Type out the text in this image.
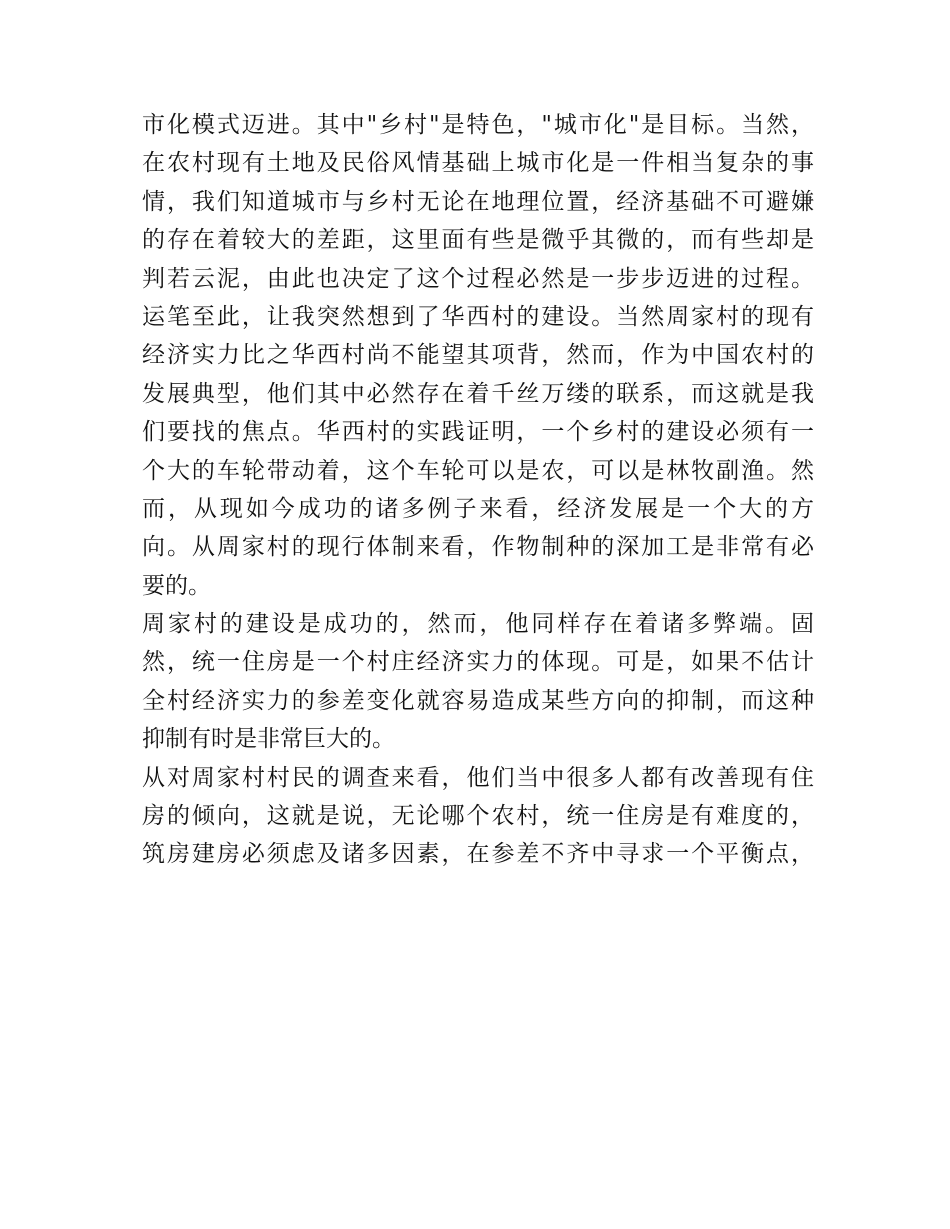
市化模式迈进。其中"乡村"是特色，"城市化"是目标。当然，
在农村现有土地及民俗风情基础上城市化是一件相当复杂的事
情，我们知道城市与乡村无论在地理位置，经济基础不可避嫌
的存在着较大的差距，这里面有些是微乎其微的，而有些却是
判若云泥，由此也决定了这个过程必然是一步步迈进的过程。
运笔至此，让我突然想到了华西村的建设。当然周家村的现有
经济实力比之华西村尚不能望其项背，然而，作为中国农村的
发展典型，他们其中必然存在着千丝万缕的联系，而这就是我
们要找的焦点。华西村的实践证明，一个乡村的建设必须有一
个大的车轮带动着，这个车轮可以是农，可以是林牧副渔。然
而，从现如今成功的诸多例子来看，经济发展是一个大的方
向。从周家村的现行体制来看，作物制种的深加工是非常有必
要的。
周家村的建设是成功的，然而，他同样存在着诸多弊端。固
然，统一住房是一个村庄经济实力的体现。可是，如果不估计
全村经济实力的参差变化就容易造成某些方向的抑制，而这种
抑制有时是非常巨大的。
从对周家村村民的调查来看，他们当中很多人都有改善现有住
房的倾向，这就是说，无论哪个农村，统一住房是有难度的，
筑房建房必须虑及诸多因素，在参差不齐中寻求一个平衡点，
